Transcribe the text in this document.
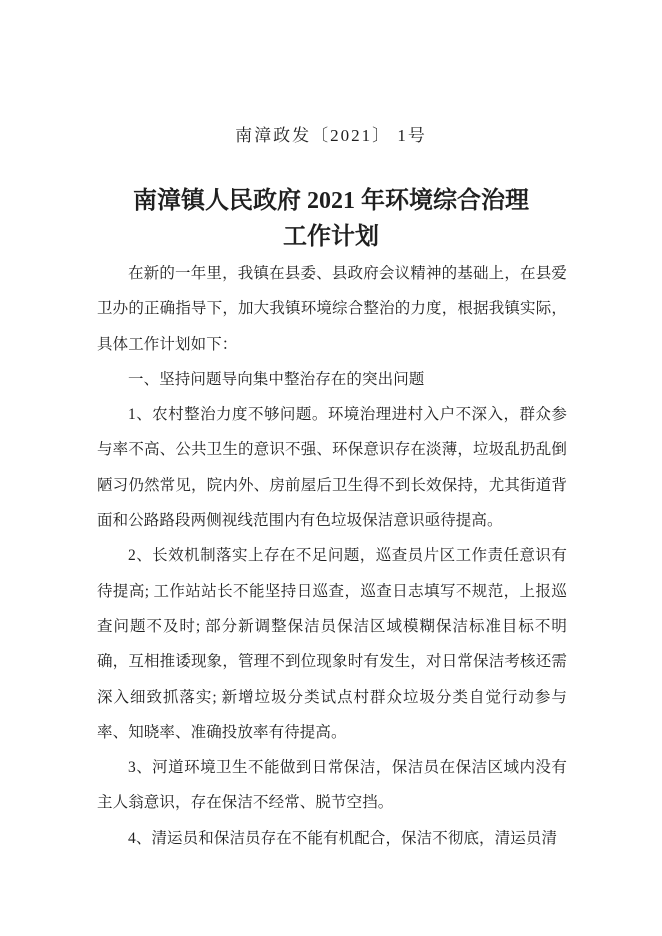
南漳政发〔2021〕 1号
南漳镇人民政府 2021 年环境综合治理
工作计划

在新的一年里，我镇在县委、县政府会议精神的基础上，在县爱卫办的正确指导下，加大我镇环境综合整治的力度，根据我镇实际，具体工作计划如下：

一、坚持问题导向集中整治存在的突出问题

1、农村整治力度不够问题。环境治理进村入户不深入，群众参与率不高、公共卫生的意识不强、环保意识存在淡薄，垃圾乱扔乱倒陋习仍然常见，院内外、房前屋后卫生得不到长效保持，尤其街道背面和公路路段两侧视线范围内有色垃圾保洁意识亟待提高。

2、长效机制落实上存在不足问题，巡查员片区工作责任意识有待提高; 工作站站长不能坚持日巡查，巡查日志填写不规范，上报巡查问题不及时; 部分新调整保洁员保洁区域模糊保洁标准目标不明确，互相推诿现象，管理不到位现象时有发生，对日常保洁考核还需深入细致抓落实; 新增垃圾分类试点村群众垃圾分类自觉行动参与率、知晓率、准确投放率有待提高。

3、河道环境卫生不能做到日常保洁，保洁员在保洁区域内没有主人翁意识，存在保洁不经常、脱节空挡。

4、清运员和保洁员存在不能有机配合，保洁不彻底，清运员清
